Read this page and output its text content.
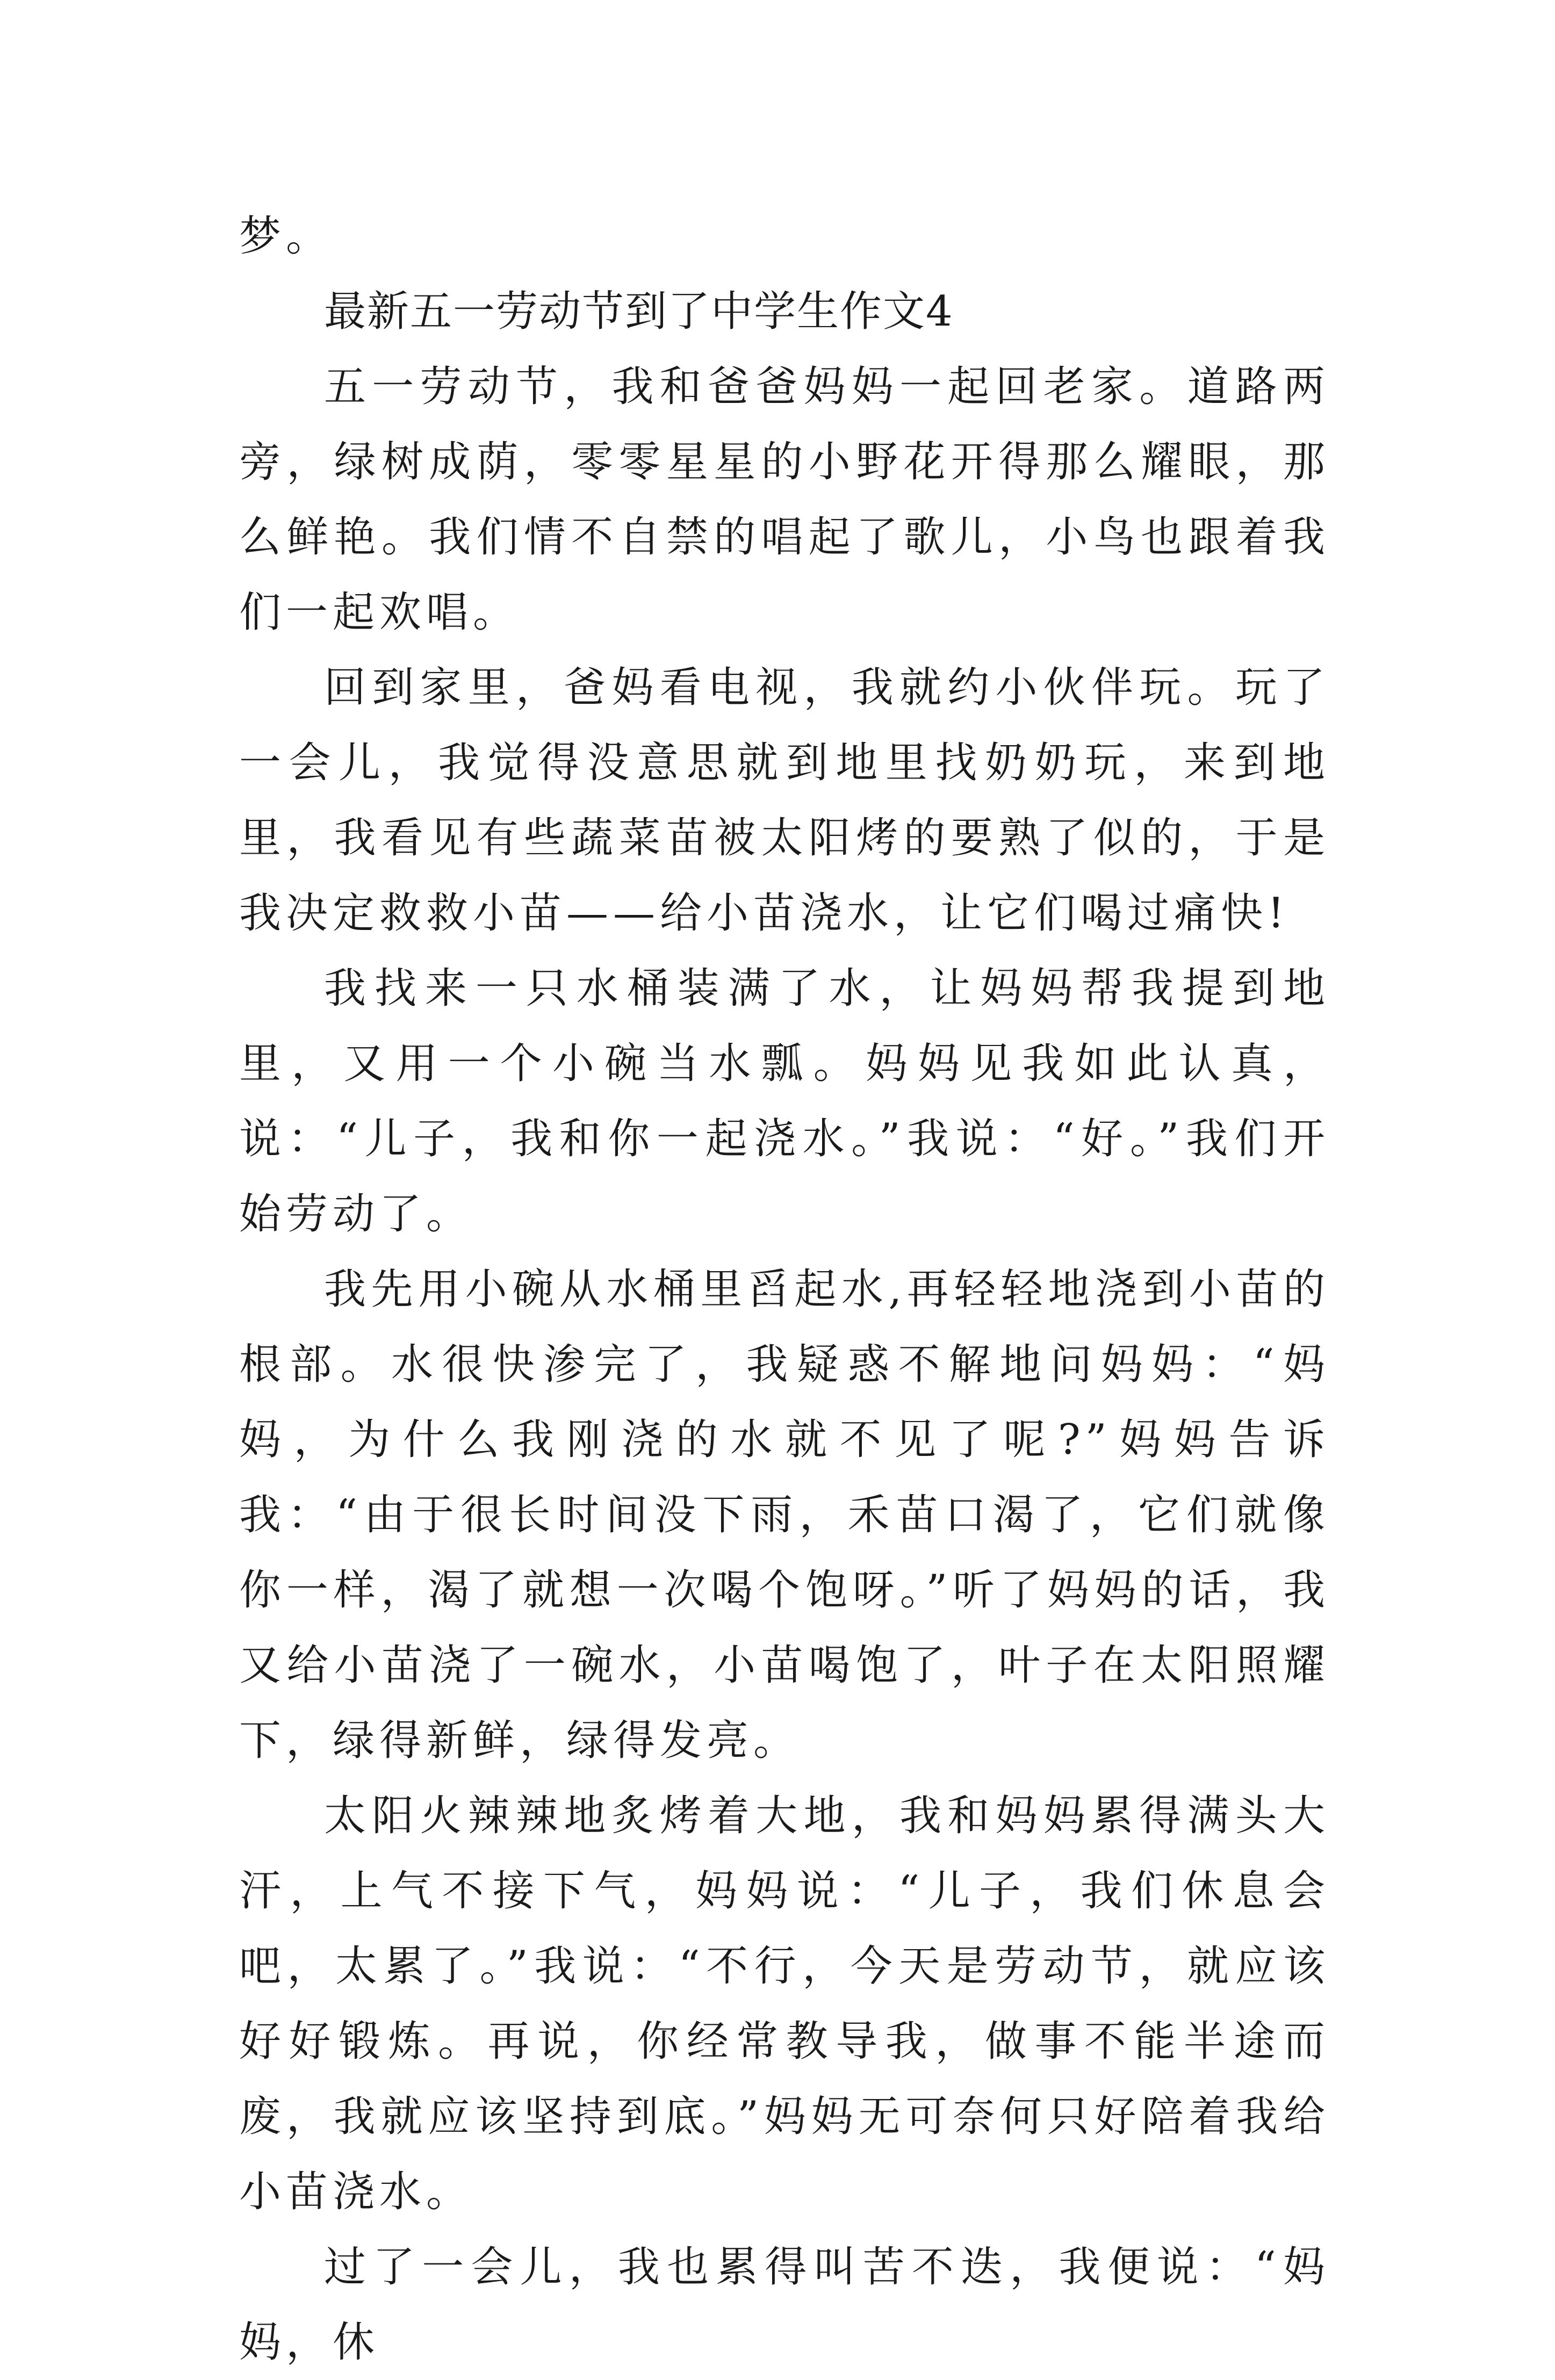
梦。

最新五一劳动节到了中学生作文4

五一劳动节，我和爸爸妈妈一起回老家。道路两旁，绿树成荫，零零星星的小野花开得那么耀眼，那么鲜艳。我们情不自禁的唱起了歌儿，小鸟也跟着我们一起欢唱。

回到家里，爸妈看电视，我就约小伙伴玩。玩了一会儿，我觉得没意思就到地里找奶奶玩，来到地里，我看见有些蔬菜苗被太阳烤的要熟了似的，于是我决定救救小苗——给小苗浇水，让它们喝过痛快!

我找来一只水桶装满了水，让妈妈帮我提到地里，又用一个小碗当水瓢。妈妈见我如此认真，说：“儿子，我和你一起浇水。”我说：“好。”我们开始劳动了。

我先用小碗从水桶里舀起水,再轻轻地浇到小苗的根部。水很快渗完了，我疑惑不解地问妈妈：“妈妈，为什么我刚浇的水就不见了呢?”妈妈告诉我：“由于很长时间没下雨，禾苗口渴了，它们就像你一样，渴了就想一次喝个饱呀。”听了妈妈的话，我又给小苗浇了一碗水，小苗喝饱了，叶子在太阳照耀下，绿得新鲜，绿得发亮。

太阳火辣辣地炙烤着大地，我和妈妈累得满头大汗，上气不接下气，妈妈说：“儿子，我们休息会吧，太累了。”我说：“不行，今天是劳动节，就应该好好锻炼。再说，你经常教导我，做事不能半途而废，我就应该坚持到底。”妈妈无可奈何只好陪着我给小苗浇水。

过了一会儿，我也累得叫苦不迭，我便说：“妈妈，休
